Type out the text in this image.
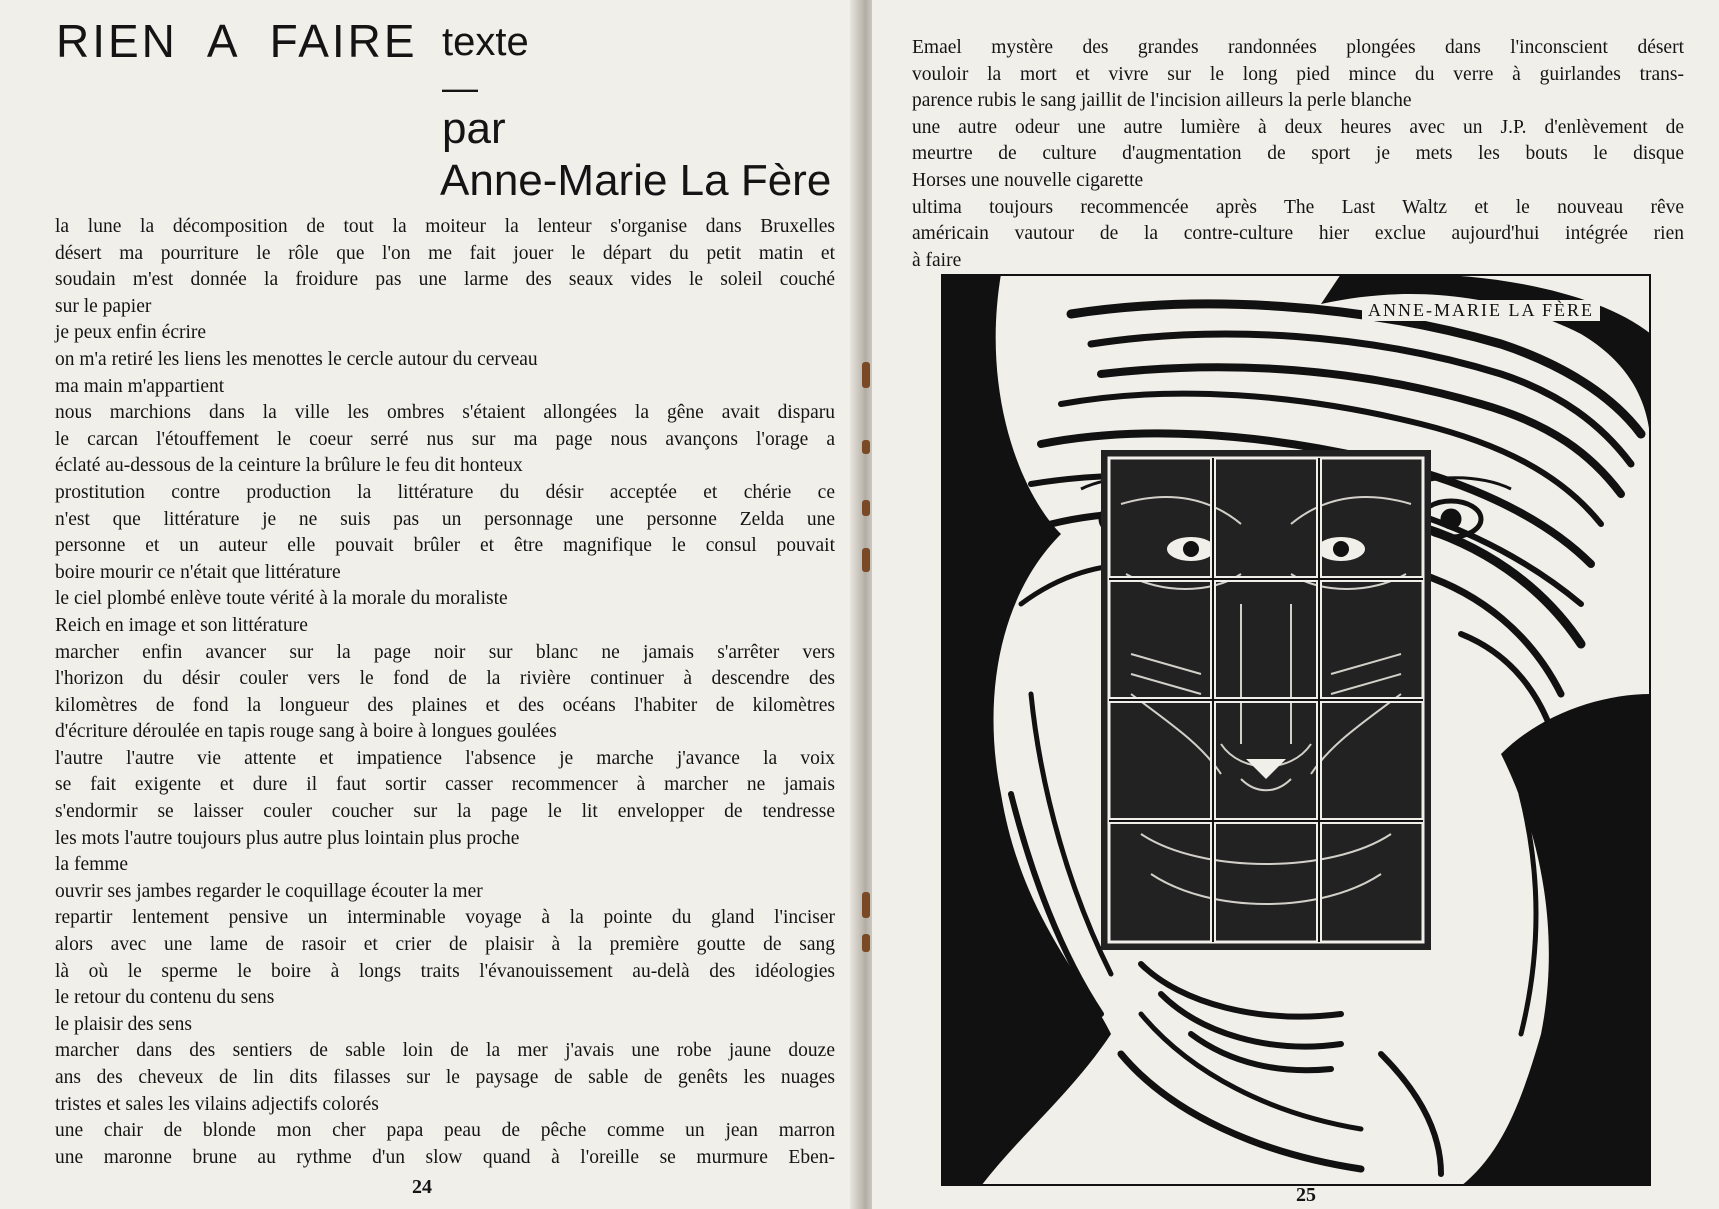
RIEN  A  FAIRE texte
—
par
Anne-Marie La Fère
la lune la décomposition de tout la moiteur la lenteur s'organise dans Bruxelles
désert ma pourriture le rôle que l'on me fait jouer le départ du petit matin et
soudain m'est donnée la froidure pas une larme des seaux vides le soleil couché
sur le papier
je peux enfin écrire
on m'a retiré les liens les menottes le cercle autour du cerveau
ma main m'appartient
nous marchions dans la ville les ombres s'étaient allongées la gêne avait disparu
le carcan l'étouffement le coeur serré nus sur ma page nous avançons l'orage a
éclaté au-dessous de la ceinture la brûlure le feu dit honteux
prostitution contre production la littérature du désir acceptée et chérie ce
n'est que littérature je ne suis pas un personnage une personne Zelda une
personne et un auteur elle pouvait brûler et être magnifique le consul pouvait
boire mourir ce n'était que littérature
le ciel plombé enlève toute vérité à la morale du moraliste
Reich en image et son littérature
marcher enfin avancer sur la page noir sur blanc ne jamais s'arrêter vers
l'horizon du désir couler vers le fond de la rivière continuer à descendre des
kilomètres de fond la longueur des plaines et des océans l'habiter de kilomètres
d'écriture déroulée en tapis rouge sang à boire à longues goulées
l'autre l'autre vie attente et impatience l'absence je marche j'avance la voix
se fait exigente et dure il faut sortir casser recommencer à marcher ne jamais
s'endormir se laisser couler coucher sur la page le lit envelopper de tendresse
les mots l'autre toujours plus autre plus lointain plus proche
la femme
ouvrir ses jambes regarder le coquillage écouter la mer
repartir lentement pensive un interminable voyage à la pointe du gland l'inciser
alors avec une lame de rasoir et crier de plaisir à la première goutte de sang
là où le sperme le boire à longs traits l'évanouissement au-delà des idéologies
le retour du contenu du sens
le plaisir des sens
marcher dans des sentiers de sable loin de la mer j'avais une robe jaune douze
ans des cheveux de lin dits filasses sur le paysage de sable de genêts les nuages
tristes et sales les vilains adjectifs colorés
une chair de blonde mon cher papa peau de pêche comme un jean marron
une maronne brune au rythme d'un slow quand à l'oreille se murmure Eben-
24
Emael mystère des grandes randonnées plongées dans l'inconscient désert
vouloir la mort et vivre sur le long pied mince du verre à guirlandes trans-
parence rubis le sang jaillit de l'incision ailleurs la perle blanche
une autre odeur une autre lumière à deux heures avec un J.P. d'enlèvement de
meurtre de culture d'augmentation de sport je mets les bouts le disque
Horses une nouvelle cigarette
ultima toujours recommencée après The Last Waltz et le nouveau rêve
américain vautour de la contre-culture hier exclue aujourd'hui intégrée rien
à faire
ANNE-MARIE LA FÈRE
25
